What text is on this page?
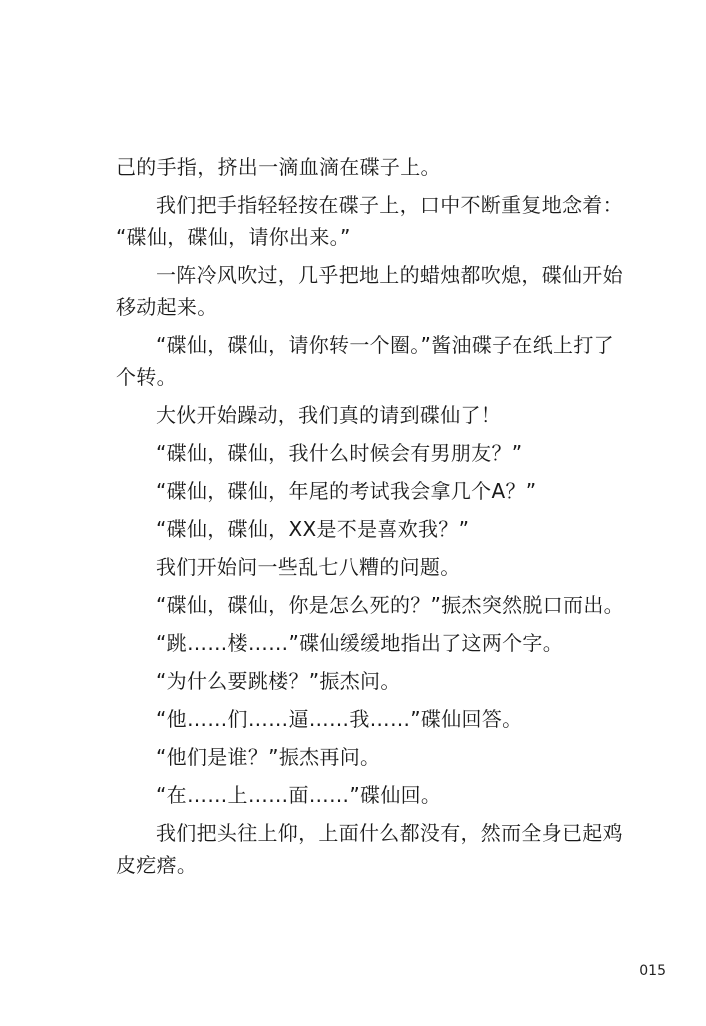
己的手指，挤出一滴血滴在碟子上。
我们把手指轻轻按在碟子上，口中不断重复地念着：
“碟仙，碟仙，请你出来。”
一阵冷风吹过，几乎把地上的蜡烛都吹熄，碟仙开始
移动起来。
“碟仙，碟仙，请你转一个圈。”酱油碟子在纸上打了
个转。
大伙开始躁动，我们真的请到碟仙了！
“碟仙，碟仙，我什么时候会有男朋友？”
“碟仙，碟仙，年尾的考试我会拿几个A？”
“碟仙，碟仙，XX是不是喜欢我？”
我们开始问一些乱七八糟的问题。
“碟仙，碟仙，你是怎么死的？”振杰突然脱口而出。
“跳……楼……”碟仙缓缓地指出了这两个字。
“为什么要跳楼？”振杰问。
“他……们……逼……我……”碟仙回答。
“他们是谁？”振杰再问。
“在……上……面……”碟仙回。
我们把头往上仰，上面什么都没有，然而全身已起鸡
皮疙瘩。
015
